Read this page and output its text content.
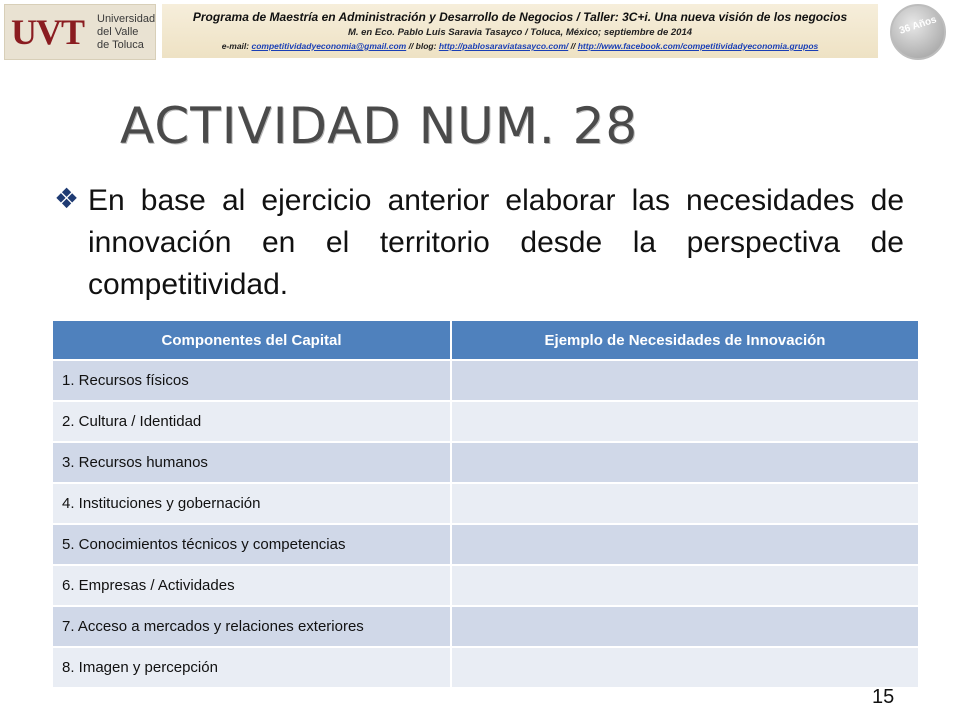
UVT Universidad
del Valle
de Toluca
Programa de Maestría en Administración y Desarrollo de Negocios / Taller: 3C+i. Una nueva visión de los negocios
M. en Eco. Pablo Luis Saravia Tasayco / Toluca, México; septiembre de 2014
e-mail: competitividadyeconomia@gmail.com // blog: http://pablosaraviatasayco.com/ // http://www.facebook.com/competitividadyeconomia.grupos
36 Años
ACTIVIDAD NUM. 28
❖ En base al ejercicio anterior elaborar las necesidades de innovación en el territorio desde la perspectiva de competitividad.
Componentes del Capital	Ejemplo de Necesidades de Innovación
1. Recursos físicos	
2. Cultura / Identidad	
3. Recursos humanos	
4. Instituciones y gobernación	
5. Conocimientos técnicos y competencias	
6. Empresas / Actividades	
7. Acceso a mercados y relaciones exteriores	
8. Imagen y percepción	
15
